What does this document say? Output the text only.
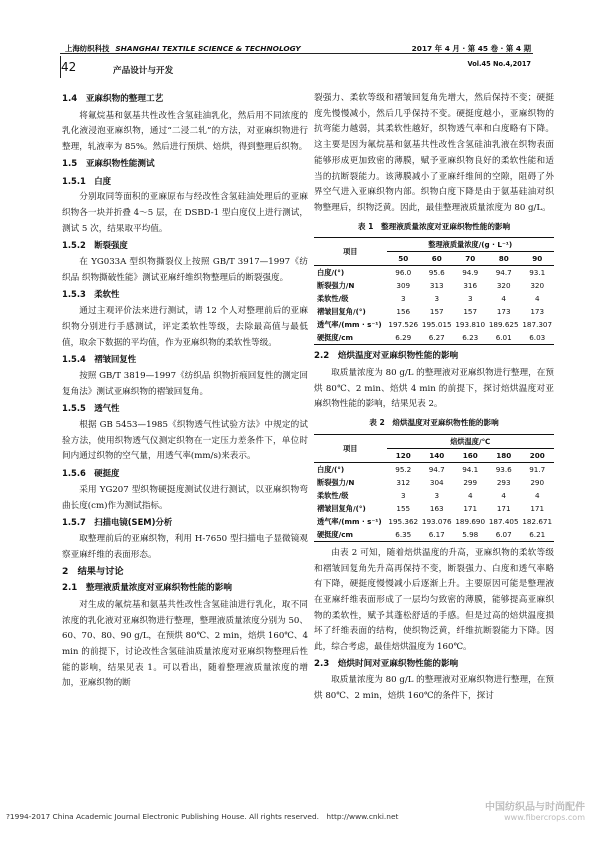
上海纺织科技 SHANGHAI TEXTILE SCIENCE & TECHNOLOGY	2017 年 4 月 · 第 45 卷 · 第 4 期
42	产品设计与开发
Vol.45 No.4,2017
1.4　亚麻织物的整理工艺

将氟烷基和氨基共性改性含氢硅油乳化，然后用不同浓度的乳化液浸泡亚麻织物，通过“二浸二轧”的方法，对亚麻织物进行整理，轧液率为 85%。然后进行预烘、焙烘，得到整理后织物。

1.5　亚麻织物性能测试
1.5.1　白度

分别取同等面积的亚麻原布与经改性含氢硅油处理后的亚麻织物各一块并折叠 4～5 层，在 DSBD-1 型白度仪上进行测试，测试 5 次，结果取平均值。

1.5.2　断裂强度

在 YG033A 型织物撕裂仪上按照 GB/T 3917—1997《纺织品 织物撕破性能》测试亚麻纤维织物整理后的断裂强度。

1.5.3　柔软性

通过主观评价法来进行测试，请 12 个人对整理前后的亚麻织物分别进行手感测试，评定柔软性等级，去除最高值与最低值，取余下数据的平均值，作为亚麻织物的柔软性等级。

1.5.4　褶皱回复性

按照 GB/T 3819—1997《纺织品 织物折痕回复性的测定回复角法》测试亚麻织物的褶皱回复角。

1.5.5　透气性

根据 GB 5453—1985《织物透气性试验方法》中规定的试验方法，使用织物透气仪测定织物在一定压力差条件下，单位时间内通过织物的空气量，用透气率(mm/s)来表示。

1.5.6　硬挺度

采用 YG207 型织物硬挺度测试仪进行测试，以亚麻织物弯曲长度(cm)作为测试指标。

1.5.7　扫描电镜(SEM)分析

取整理前后的亚麻织物，利用 H-7650 型扫描电子显微镜观察亚麻纤维的表面形态。

2　结果与讨论
2.1　整理液质量浓度对亚麻织物性能的影响

对生成的氟烷基和氨基共性改性含氢硅油进行乳化，取不同浓度的乳化液对亚麻织物进行整理，整理液质量浓度分别为 50、60、70、80、90 g/L，在预烘 80℃、2 min，焙烘 160℃、4 min 的前提下，讨论改性含氢硅油质量浓度对亚麻织物整理后性能的影响，结果见表 1。可以看出，随着整理液质量浓度的增加，亚麻织物的断

裂强力、柔软等级和褶皱回复角先增大，然后保持不变；硬挺度先慢慢减小，然后几乎保持不变。硬挺度越小，亚麻织物的抗弯能力越弱，其柔软性越好，织物透气率和白度略有下降。这主要是因为氟烷基和氨基共性改性含氢硅油乳液在织物表面能够形成更加致密的薄膜，赋予亚麻织物良好的柔软性能和适当的抗断裂能力。该薄膜减小了亚麻纤维间的空隙，阻碍了外界空气进入亚麻织物内部。织物白度下降是由于氨基硅油对织物整理后，织物泛黄。因此，最佳整理液质量浓度为 80 g/L。

表 1　整理液质量浓度对亚麻织物性能的影响
项目	整理液质量浓度/(g · L⁻¹)				
	50	60	70	80	90
白度/(°)	96.0	95.6	94.9	94.7	93.1
断裂强力/N	309	313	316	320	320
柔软性/级	3	3	3	4	4
褶皱回复角/(°)	156	157	157	173	173
透气率/(mm · s⁻¹)	197.526	195.015	193.810	189.625	187.307
硬挺度/cm	6.29	6.27	6.23	6.01	6.03
2.2　焙烘温度对亚麻织物性能的影响

取质量浓度为 80 g/L 的整理液对亚麻织物进行整理，在预烘 80℃、2 min、焙烘 4 min 的前提下，探讨焙烘温度对亚麻织物性能的影响，结果见表 2。

表 2　焙烘温度对亚麻织物性能的影响
项目	焙烘温度/℃				
	120	140	160	180	200
白度/(°)	95.2	94.7	94.1	93.6	91.7
断裂强力/N	312	304	299	293	290
柔软性/级	3	3	4	4	4
褶皱回复角/(°)	155	163	171	171	171
透气率/(mm · s⁻¹)	195.362	193.076	189.690	187.405	182.671
硬挺度/cm	6.35	6.17	5.98	6.07	6.21

由表 2 可知，随着焙烘温度的升高，亚麻织物的柔软等级和褶皱回复角先升高再保持不变，断裂强力、白度和透气率略有下降，硬挺度慢慢减小后逐渐上升。主要原因可能是整理液在亚麻纤维表面形成了一层均匀致密的薄膜，能够提高亚麻织物的柔软性，赋予其蓬松舒适的手感。但是过高的焙烘温度损坏了纤维表面的结构，使织物泛黄，纤维抗断裂能力下降。因此，综合考虑，最佳焙烘温度为 160℃。

2.3　焙烘时间对亚麻织物性能的影响

取质量浓度为 80 g/L 的整理液对亚麻织物进行整理，在预烘 80℃、2 min，焙烘 160℃的条件下，探讨

?1994-2017 China Academic Journal Electronic Publishing House. All rights reserved.　http://www.cnki.net
中国纺织品与时尚配件
www.fibercrops.com
